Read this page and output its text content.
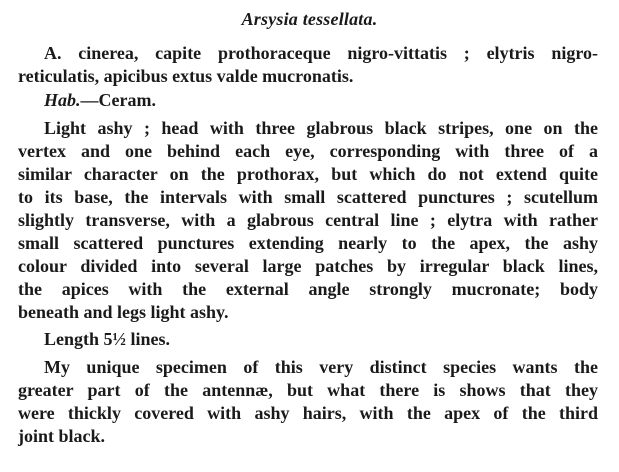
Arsysia tessellata.
A. cinerea, capite prothoraceque nigro-vittatis ; elytris nigro-
reticulatis, apicibus extus valde mucronatis.
Hab.—Ceram.
Light ashy ; head with three glabrous black stripes, one on the
vertex and one behind each eye, corresponding with three of a
similar character on the prothorax, but which do not extend quite
to its base, the intervals with small scattered punctures ; scutellum
slightly transverse, with a glabrous central line ; elytra with rather
small scattered punctures extending nearly to the apex, the ashy
colour divided into several large patches by irregular black lines,
the apices with the external angle strongly mucronate; body
beneath and legs light ashy.
Length 5½ lines.
My unique specimen of this very distinct species wants the
greater part of the antennæ, but what there is shows that they
were thickly covered with ashy hairs, with the apex of the third
joint black.
